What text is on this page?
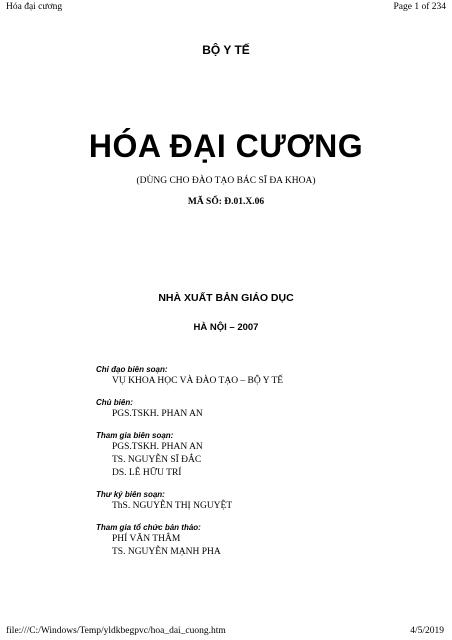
Hóa đại cương	Page 1 of 234
BỘ Y TẾ
HÓA ĐẠI CƯƠNG
(DÙNG CHO ĐÀO TẠO BÁC SĨ ĐA KHOA)
MÃ SỐ: Đ.01.X.06
NHÀ XUẤT BẢN GIÁO DỤC
HÀ NỘI – 2007
Chỉ đạo biên soạn:
VỤ KHOA HỌC VÀ ĐÀO TẠO – BỘ Y TẾ
Chủ biên:
PGS.TSKH. PHAN AN
Tham gia biên soạn:
PGS.TSKH. PHAN AN
TS. NGUYỄN SĨ ĐẮC
DS. LÊ HỮU TRÍ
Thư ký biên soạn:
ThS. NGUYỄN THỊ NGUYỆT
Tham gia tổ chức bản thảo:
PHÍ VĂN THÂM
TS. NGUYỄN MẠNH PHA
file:///C:/Windows/Temp/yldkbegpvc/hoa_dai_cuong.htm	4/5/2019
